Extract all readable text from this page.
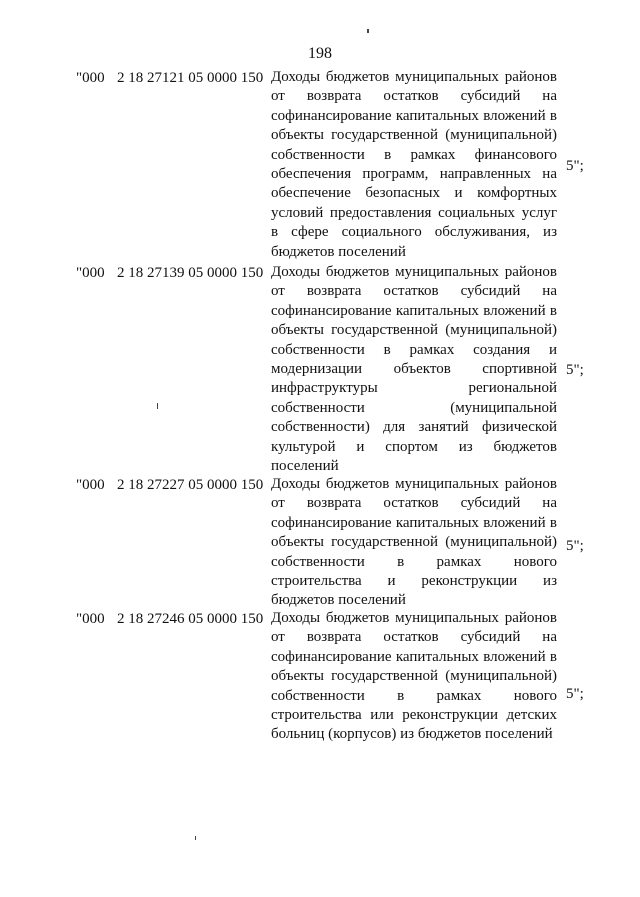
198
"000 2 18 27121 05 0000 150 Доходы бюджетов муниципальных районов от возврата остатков субсидий на софинансирование капитальных вложений в объекты государственной (муниципальной) собственности в рамках финансового обеспечения программ, направленных на обеспечение безопасных и комфортных условий предоставления социальных услуг в сфере социального обслуживания, из бюджетов поселений
5";
"000 2 18 27139 05 0000 150 Доходы бюджетов муниципальных районов от возврата остатков субсидий на софинансирование капитальных вложений в объекты государственной (муниципальной) собственности в рамках создания и модернизации объектов спортивной инфраструктуры региональной собственности (муниципальной собственности) для занятий физической культурой и спортом из бюджетов поселений
5";
"000 2 18 27227 05 0000 150 Доходы бюджетов муниципальных районов от возврата остатков субсидий на софинансирование капитальных вложений в объекты государственной (муниципальной) собственности в рамках нового строительства и реконструкции из бюджетов поселений
5";
"000 2 18 27246 05 0000 150 Доходы бюджетов муниципальных районов от возврата остатков субсидий на софинансирование капитальных вложений в объекты государственной (муниципальной) собственности в рамках нового строительства или реконструкции детских больниц (корпусов) из бюджетов поселений
5";
